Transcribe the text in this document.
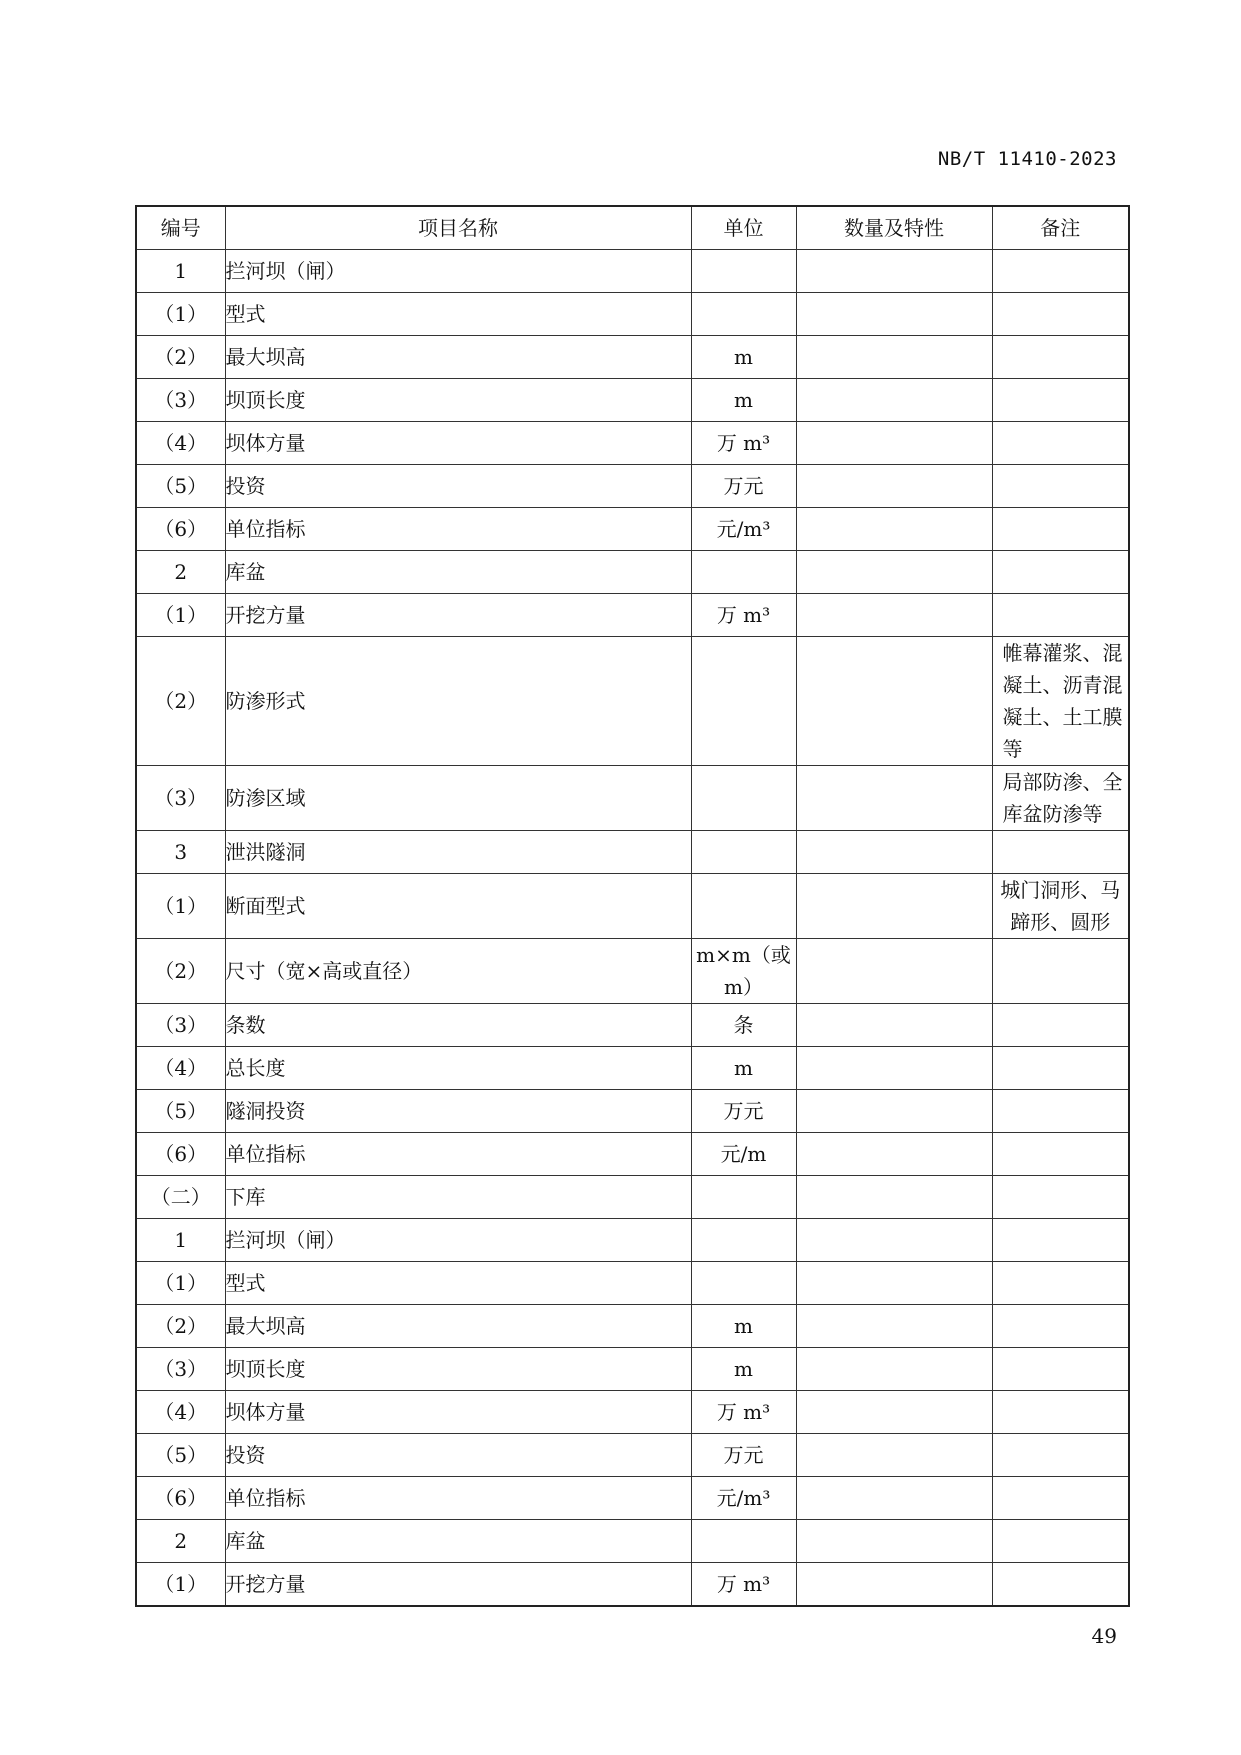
NB/T 11410-2023
编号	项目名称	单位	数量及特性	备注
1	拦河坝（闸）			
（1）	型式			
（2）	最大坝高	m		
（3）	坝顶长度	m		
（4）	坝体方量	万 m³		
（5）	投资	万元		
（6）	单位指标	元/m³		
2	库盆			
（1）	开挖方量	万 m³		
（2）	防渗形式			帷幕灌浆、混凝土、沥青混凝土、土工膜等
（3）	防渗区域			局部防渗、全库盆防渗等
3	泄洪隧洞			
（1）	断面型式			城门洞形、马蹄形、圆形
（2）	尺寸（宽×高或直径）	m×m（或 m）		
（3）	条数	条		
（4）	总长度	m		
（5）	隧洞投资	万元		
（6）	单位指标	元/m		
（二）	下库			
1	拦河坝（闸）			
（1）	型式			
（2）	最大坝高	m		
（3）	坝顶长度	m		
（4）	坝体方量	万 m³		
（5）	投资	万元		
（6）	单位指标	元/m³		
2	库盆			
（1）	开挖方量	万 m³		
49
